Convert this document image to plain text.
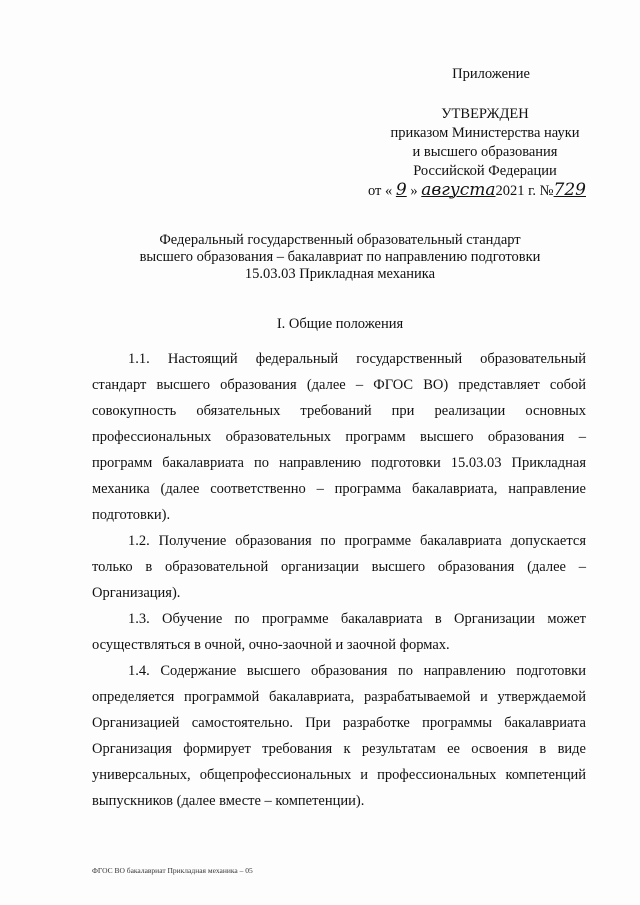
Приложение
УТВЕРЖДЕН
приказом Министерства науки
и высшего образования
Российской Федерации
от « 9 » августа2021 г. №729
Федеральный государственный образовательный стандарт
высшего образования – бакалавриат по направлению подготовки
15.03.03 Прикладная механика
I. Общие положения

1.1. Настоящий федеральный государственный образовательный стандарт высшего образования (далее – ФГОС ВО) представляет собой совокупность обязательных требований при реализации основных профессиональных образовательных программ высшего образования – программ бакалавриата по направлению подготовки 15.03.03 Прикладная механика (далее соответственно – программа бакалавриата, направление подготовки).

1.2. Получение образования по программе бакалавриата допускается только в образовательной организации высшего образования (далее – Организация).

1.3. Обучение по программе бакалавриата в Организации может осуществляться в очной, очно-заочной и заочной формах.

1.4. Содержание высшего образования по направлению подготовки определяется программой бакалавриата, разрабатываемой и утверждаемой Организацией самостоятельно. При разработке программы бакалавриата Организация формирует требования к результатам ее освоения в виде универсальных, общепрофессиональных и профессиональных компетенций выпускников (далее вместе – компетенции).

ФГОС ВО бакалавриат Прикладная механика – 05
